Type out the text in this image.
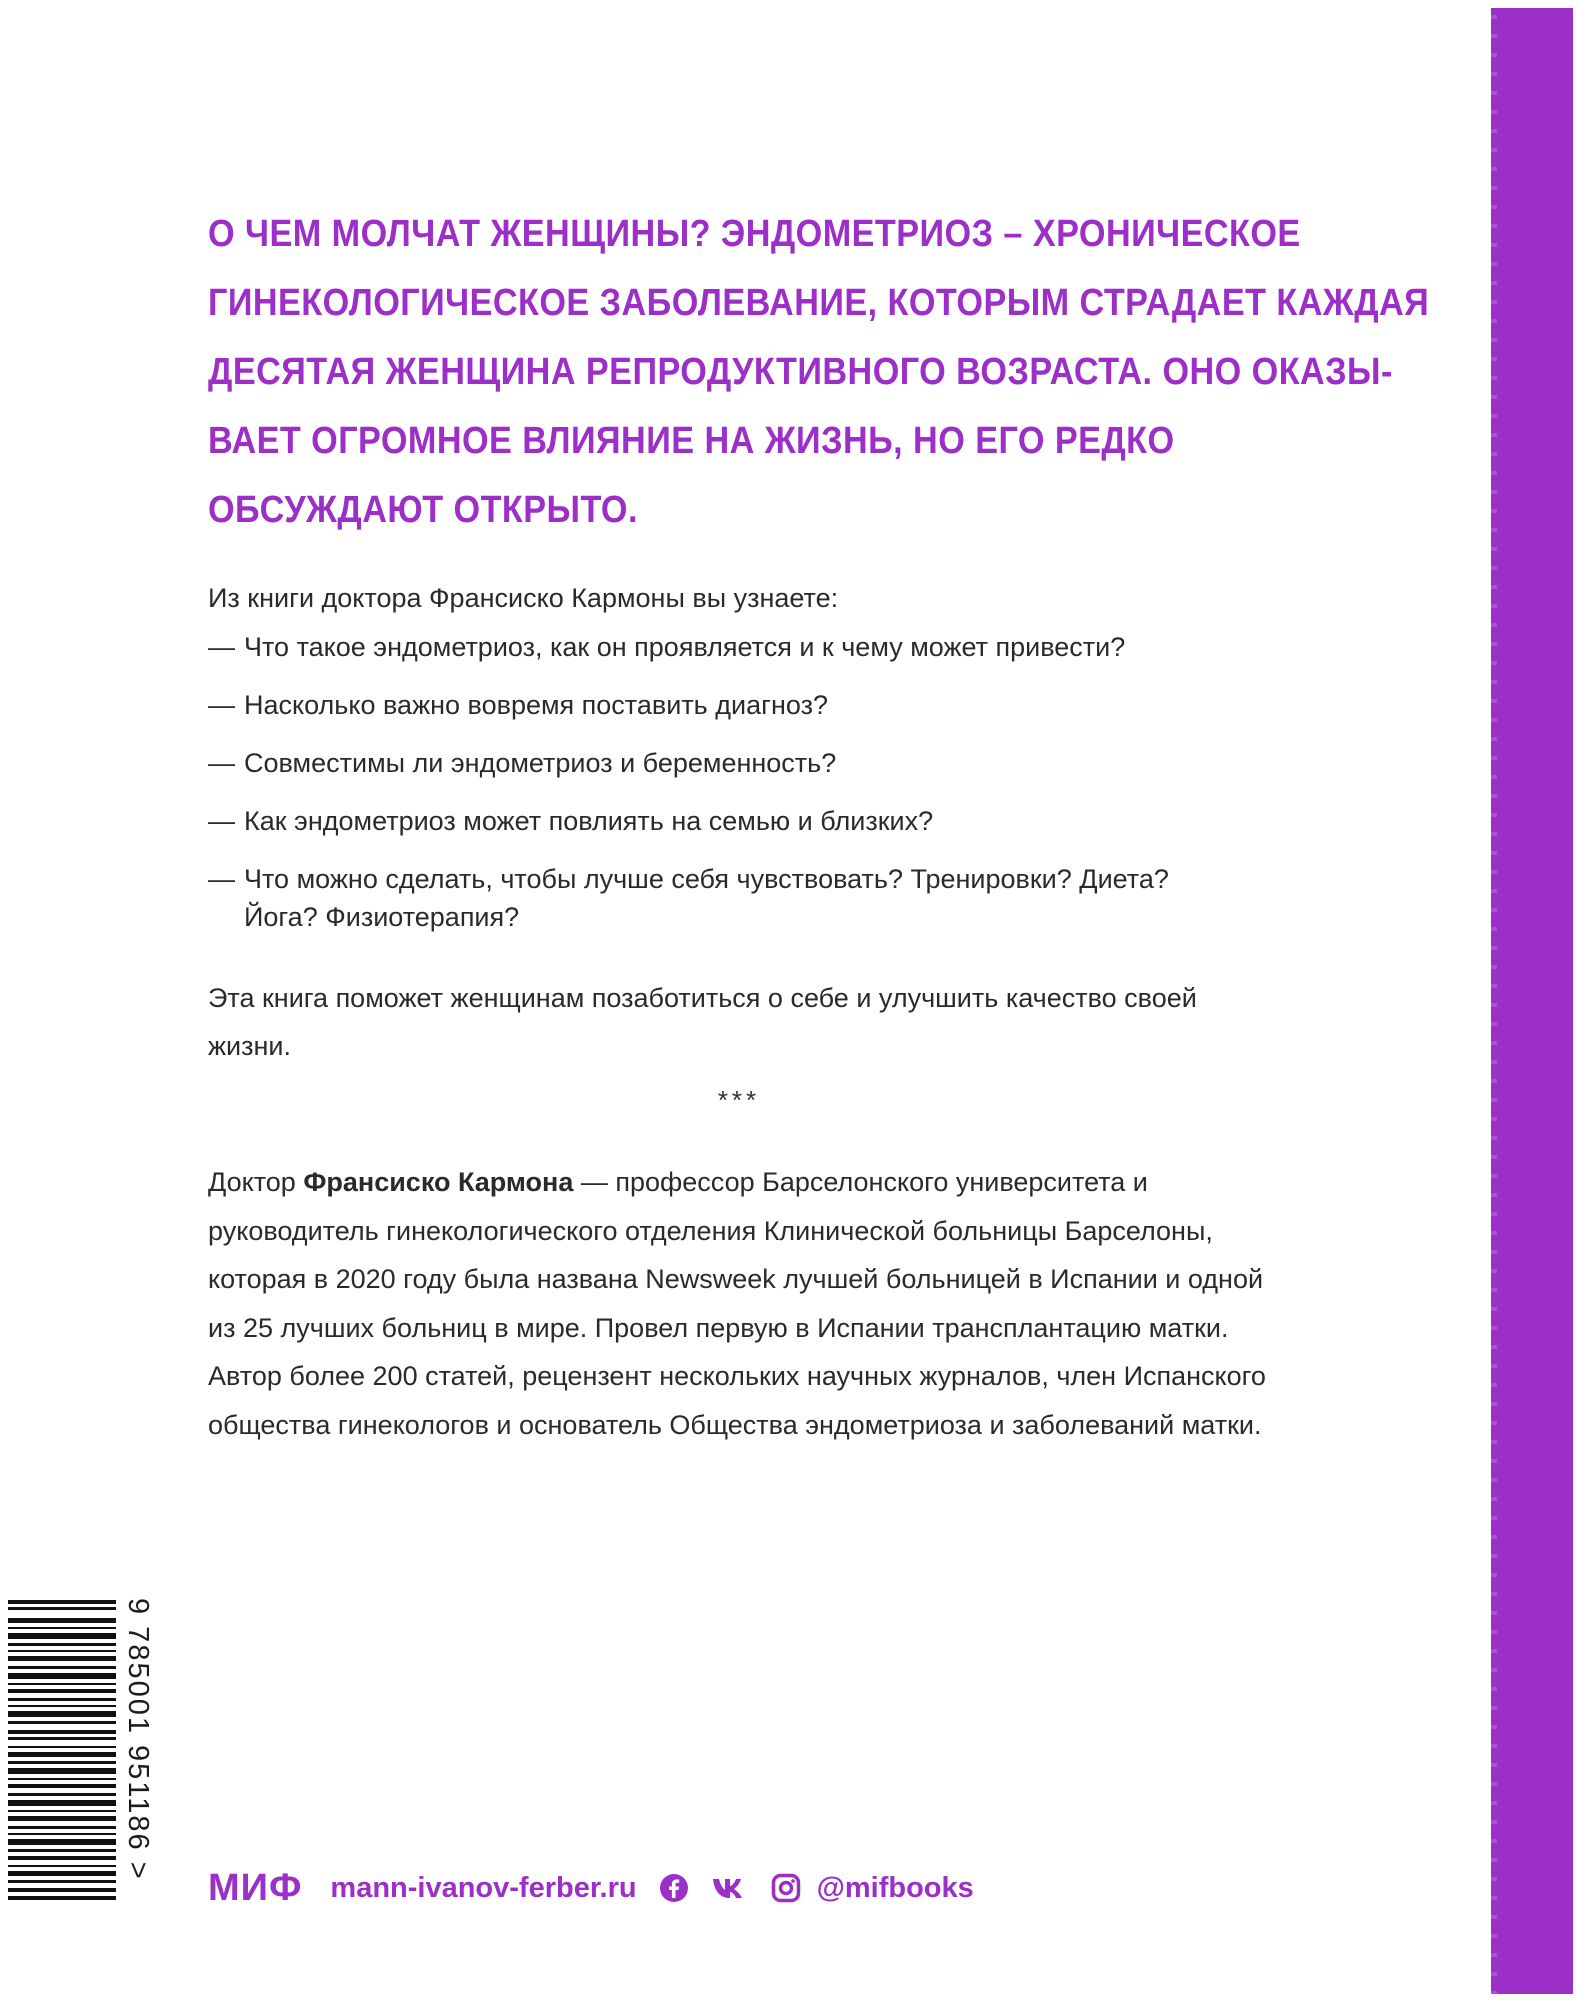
О ЧЕМ МОЛЧАТ ЖЕНЩИНЫ? ЭНДОМЕТРИОЗ – ХРОНИЧЕСКОЕ
ГИНЕКОЛОГИЧЕСКОЕ ЗАБОЛЕВАНИЕ, КОТОРЫМ СТРАДАЕТ КАЖДАЯ
ДЕСЯТАЯ ЖЕНЩИНА РЕПРОДУКТИВНОГО ВОЗРАСТА. ОНО ОКАЗЫ-
ВАЕТ ОГРОМНОЕ ВЛИЯНИЕ НА ЖИЗНЬ, НО ЕГО РЕДКО
ОБСУЖДАЮТ ОТКРЫТО.
Из книги доктора Франсиско Кармоны вы узнаете:
— Что такое эндометриоз, как он проявляется и к чему может привести?
— Насколько важно вовремя поставить диагноз?
— Совместимы ли эндометриоз и беременность?
— Как эндометриоз может повлиять на семью и близких?
— Что можно сделать, чтобы лучше себя чувствовать? Тренировки? Диета? Йога? Физиотерапия?
Эта книга поможет женщинам позаботиться о себе и улучшить качество своей жизни.
***
Доктор Франсиско Кармона — профессор Барселонского университета и руководитель гинекологического отделения Клинической больницы Барселоны, которая в 2020 году была названа Newsweek лучшей больницей в Испании и одной из 25 лучших больниц в мире. Провел первую в Испании трансплантацию матки. Автор более 200 статей, рецензент нескольких научных журналов, член Испанского общества гинекологов и основатель Общества эндометриоза и заболеваний матки.
9 785001 951186 >
МИФ mann-ivanov-ferber.ru	@mifbooks
